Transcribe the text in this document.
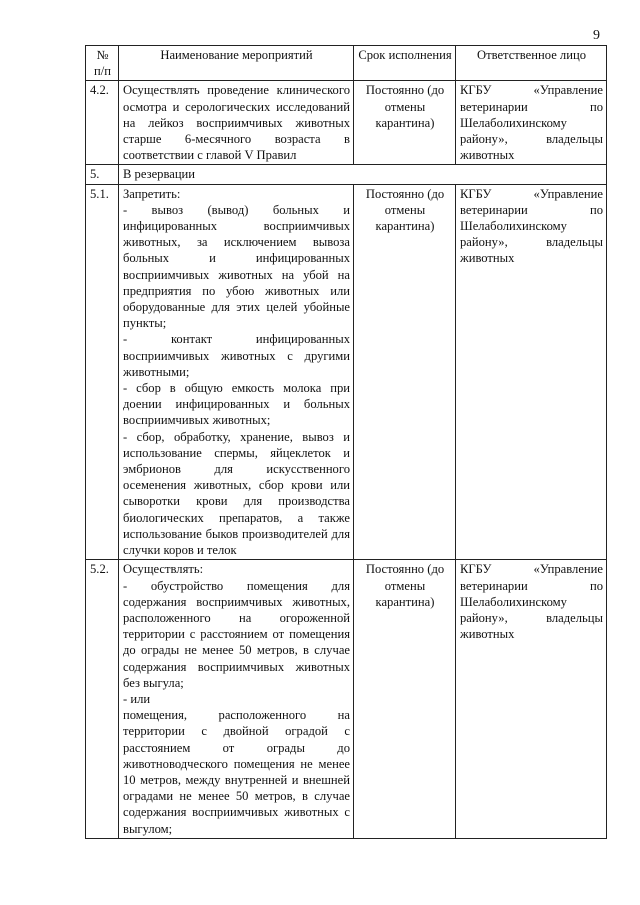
9
№ п/п	Наименование мероприятий	Срок исполнения	Ответственное лицо
4.2.	Осуществлять проведение клинического осмотра и серологических исследований на лейкоз восприимчивых животных старше 6-месячного возраста в соответствии с главой V Правил	Постоянно (до отмены карантина)	КГБУ «Управление ветеринарии по Шелаболихинскому району», владельцы животных
5.	В резервации		
5.1.	Запретить:

- вывоз (вывод) больных и инфицированных восприимчивых животных, за исключением вывоза больных и инфицированных восприимчивых животных на убой на предприятия по убою животных или оборудованные для этих целей убойные пункты;

- контакт инфицированных восприимчивых животных с другими животными;

- сбор в общую емкость молока при доении инфицированных и больных восприимчивых животных;

- сбор, обработку, хранение, вывоз и использование спермы, яйцеклеток и эмбрионов для искусственного осеменения животных, сбор крови или сыворотки крови для производства биологических препаратов, а также использование быков производителей для случки коров и телок	Постоянно (до отмены карантина)	КГБУ «Управление ветеринарии по Шелаболихинскому району», владельцы животных
5.2.	Осуществлять:

- обустройство помещения для содержания восприимчивых животных, расположенного на огороженной территории с расстоянием от помещения до ограды не менее 50 метров, в случае содержания восприимчивых животных без выгула;

- или

помещения, расположенного на территории с двойной оградой с расстоянием от ограды до животноводческого помещения не менее 10 метров, между внутренней и внешней оградами не менее 50 метров, в случае содержания восприимчивых животных с выгулом;	Постоянно (до отмены карантина)	КГБУ «Управление ветеринарии по Шелаболихинскому району», владельцы животных
